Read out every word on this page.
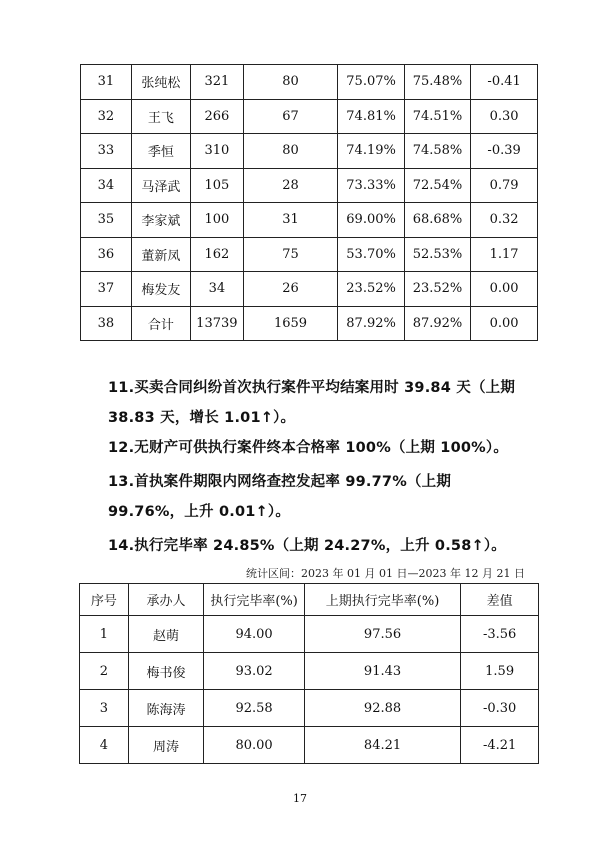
31	张纯松	321	80	75.07%	75.48%	-0.41
32	王飞	266	67	74.81%	74.51%	0.30
33	季恒	310	80	74.19%	74.58%	-0.39
34	马泽武	105	28	73.33%	72.54%	0.79
35	李家斌	100	31	69.00%	68.68%	0.32
36	董新凤	162	75	53.70%	52.53%	1.17
37	梅发友	34	26	23.52%	23.52%	0.00
38	合计	13739	1659	87.92%	87.92%	0.00
11.买卖合同纠纷首次执行案件平均结案用时 39.84 天（上期 38.83 天，增长 1.01↑）。
12.无财产可供执行案件终本合格率 100%（上期 100%）。
13.首执案件期限内网络查控发起率 99.77%（上期 99.76%，上升 0.01↑）。
14.执行完毕率 24.85%（上期 24.27%，上升 0.58↑）。
统计区间：2023 年 01 月 01 日—2023 年 12 月 21 日
序号	承办人	执行完毕率(%)	上期执行完毕率(%)	差值
1	赵萌	94.00	97.56	-3.56
2	梅书俊	93.02	91.43	1.59
3	陈海涛	92.58	92.88	-0.30
4	周涛	80.00	84.21	-4.21
17
